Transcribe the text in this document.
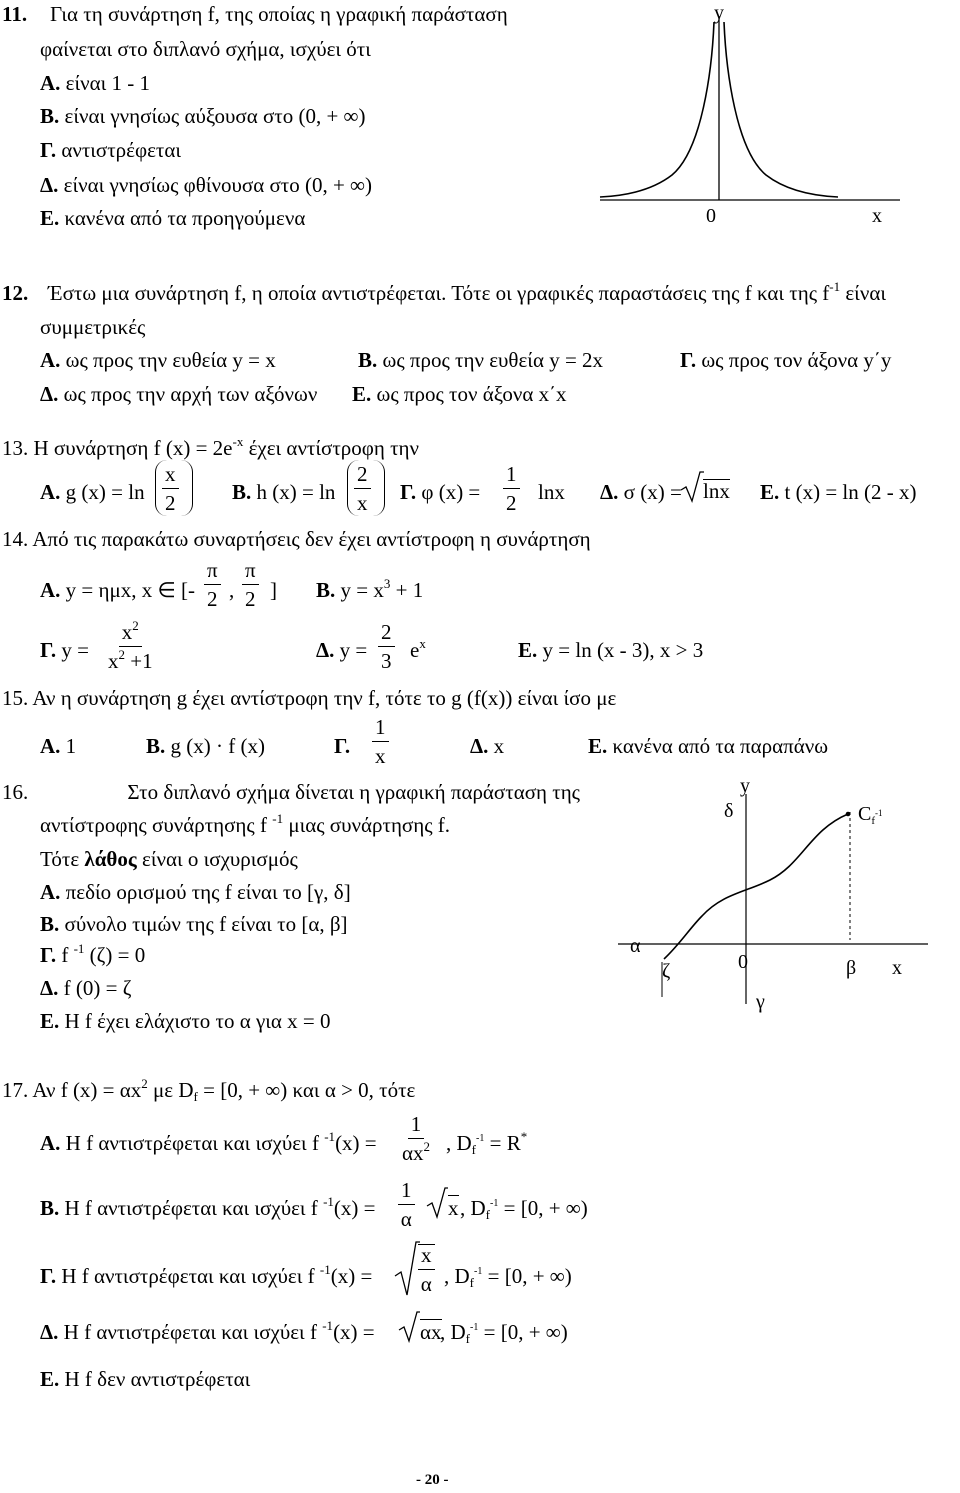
11. Για τη συνάρτηση f, της οποίας η γραφική παράσταση
φαίνεται στο διπλανό σχήμα, ισχύει ότι
Α. είναι 1 - 1
Β. είναι γνησίως αύξουσα στο (0, + ∞)
Γ. αντιστρέφεται
Δ. είναι γνησίως φθίνουσα στο (0, + ∞)
Ε. κανένα από τα προηγούμενα
y
0	x
12. Έστω μια συνάρτηση f, η οποία αντιστρέφεται. Τότε οι γραφικές παραστάσεις της f και της $f^{-1}$ είναι
συμμετρικές
Α. ως προς την ευθεία y = x	Β. ως προς την ευθεία y = 2x	Γ. ως προς τον άξονα y΄y
Δ. ως προς την αρχή των αξόνων Ε. ως προς τον άξονα x΄x
13. Η συνάρτηση f $(x) = 2e^{-x}$ έχει αντίστροφη την
Α. g $(x) = \ln \frac{x}{2}$	Β. h $(x) = \ln \frac{2}{x} \Gamma$. φ $(x) = \frac{1}{2}$ lnx Δ. σ (x) = lnx Ε. t (x) = ln (2 - x)
14. Από τις παρακάτω συναρτήσεις δεν έχει αντίστροφη η συνάρτηση
Α. y = ημx, x ∈ [- $\frac{\pi}{2}$ , $\frac{\pi}{2}$ ] Β. $y = x^3 + 1$
Γ. $y = \frac{x^2}{x^2 +1}$	Δ. $y = \frac{2}{3} e^x$	Ε. y = ln (x - 3), x > 3
15. Αν η συνάρτηση g έχει αντίστροφη την f, τότε το g (f(x)) είναι ίσο με
Α. 1	Β. g (x) · f (x)	Γ. $\frac{1}{x}$	Δ. x	Ε. κανένα από τα παραπάνω
16.	Στο διπλανό σχήμα δίνεται η γραφική παράσταση της
αντίστροφης συνάρτησης f $^{-1}$ μιας συνάρτησης f.
Τότε λάθος είναι ο ισχυρισμός
Α. πεδίο ορισμού της f είναι το [γ, δ]
Β. σύνολο τιμών της f είναι το [α, β]
Γ. f $^{-1}$ (ζ) = 0
Δ. f (0) = ζ
Ε. Η f έχει ελάχιστο το α για x = 0
y
δ	$C_f^{-1}$
α
ζ	0	β x
γ
17. Αν f $(x) = \alpha x^2$ με $D_f = [0$, + ∞) και α > 0, τότε
Α. Η f αντιστρέφεται και ισχύει f $^{-1}(x) = \frac{1}{\alpha x^2}$ , $D_f^{-1} = R^*$
Β. Η f αντιστρέφεται και ισχύει f $^{-1}(x) = \frac{1}{\alpha}$ x , $D_f^{-1} = [0$, + ∞)
Γ. Η f αντιστρέφεται και ισχύει f $^{-1}(x) = \frac{x}{\alpha}$ , $D_f^{-1} = [0$, + ∞)
Δ. Η f αντιστρέφεται και ισχύει f $^{-1}$(x) = αx
, $D_f^{-1} = [0$, + ∞)
Ε. Η f δεν αντιστρέφεται
- 20 -
